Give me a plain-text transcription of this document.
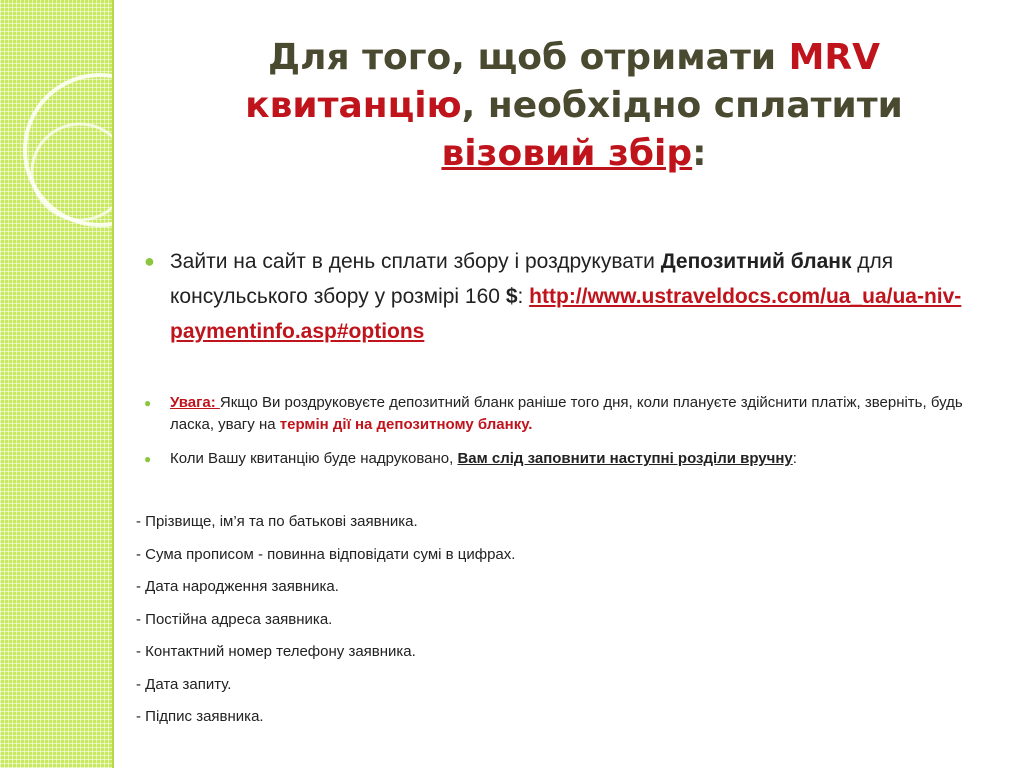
Для того, щоб отримати MRV
квитанцію, необхідно сплатити
візовий збір:
● Зайти на сайт в день сплати збору і роздрукувати Депозитний бланк для консульського збору у розмірі 160 $: http://www.ustraveldocs.com/ua_ua/ua-niv-paymentinfo.asp#options
● Увага: Якщо Ви роздруковуєте депозитний бланк раніше того дня, коли плануєте здійснити платіж, зверніть, будь ласка, увагу на термін дії на депозитному бланку.
● Коли Вашу квитанцію буде надруковано, Вам слід заповнити наступні розділи вручну:
- Прізвище, ім’я та по батькові заявника.
- Сума прописом - повинна відповідати сумі в цифрах.
- Дата народження заявника.
- Постійна адреса заявника.
- Контактний номер телефону заявника.
- Дата запиту.
- Підпис заявника.
